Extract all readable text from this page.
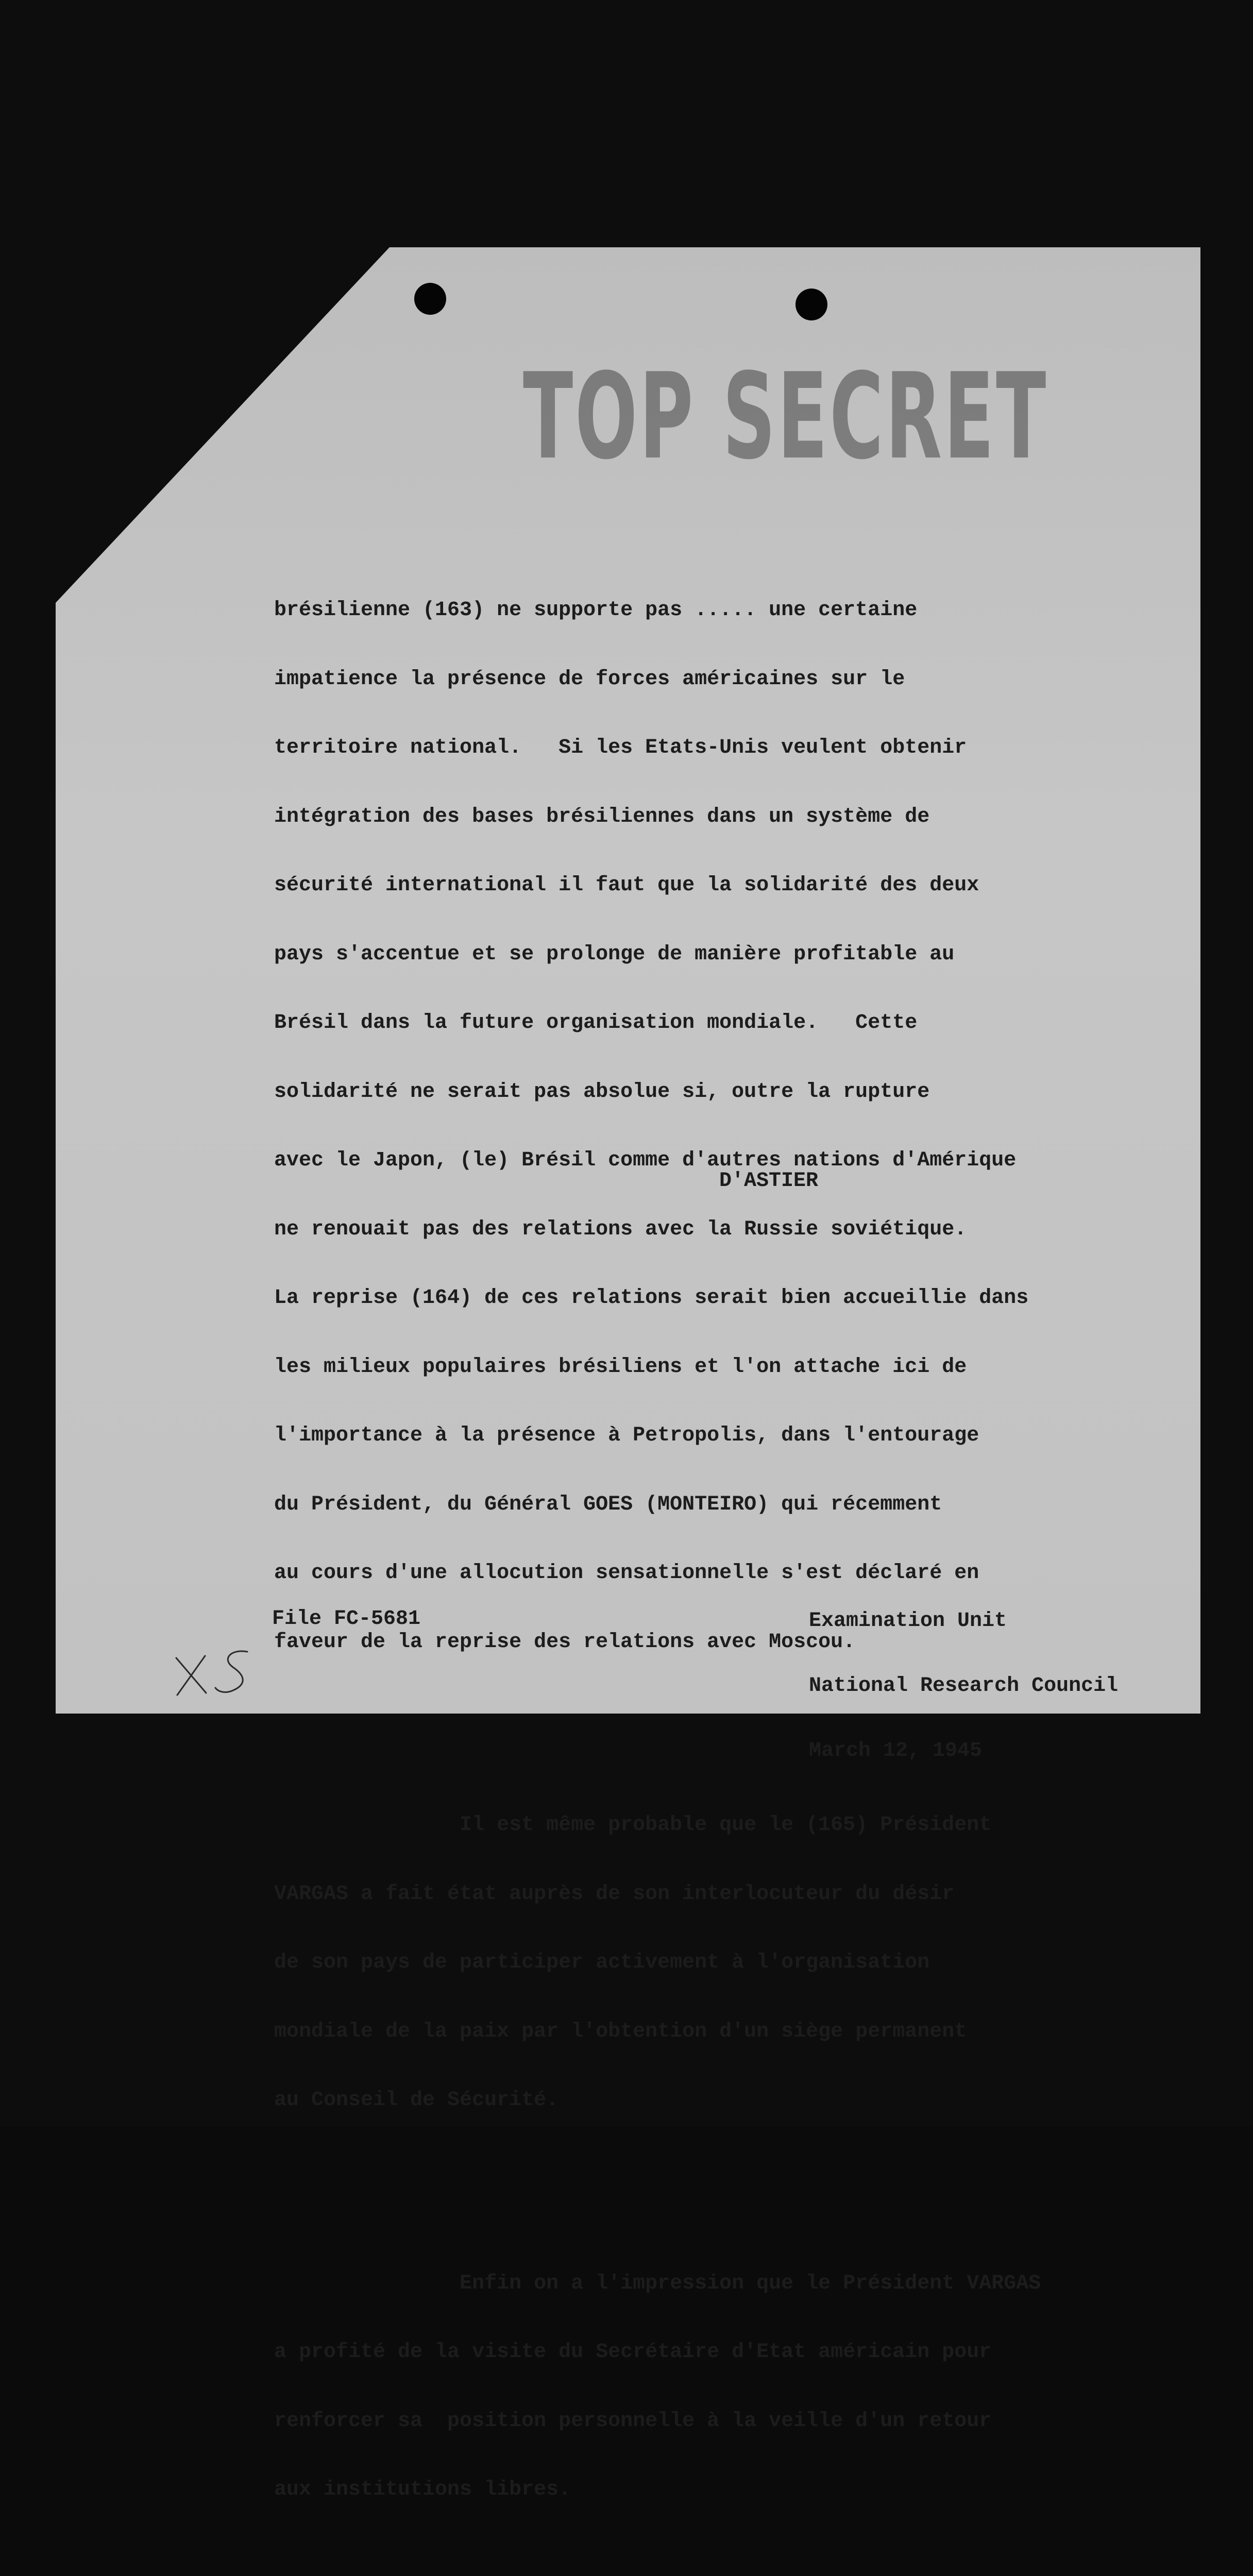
TOP SECRET

brésilienne (163) ne supporte pas ..... une certaine

impatience la présence de forces américaines sur le

territoire national.   Si les Etats-Unis veulent obtenir

intégration des bases brésiliennes dans un système de

sécurité international il faut que la solidarité des deux

pays s'accentue et se prolonge de manière profitable au

Brésil dans la future organisation mondiale.   Cette

solidarité ne serait pas absolue si, outre la rupture

avec le Japon, (le) Brésil comme d'autres nations d'Amérique

ne renouait pas des relations avec la Russie soviétique.

La reprise (164) de ces relations serait bien accueillie dans

les milieux populaires brésiliens et l'on attache ici de

l'importance à la présence à Petropolis, dans l'entourage

du Président, du Général GOES (MONTEIRO) qui récemment

au cours d'une allocution sensationnelle s'est déclaré en

faveur de la reprise des relations avec Moscou.

Il est même probable que le (165) Président

VARGAS a fait état auprès de son interlocuteur du désir

de son pays de participer activement à l'organisation

mondiale de la paix par l'obtention d'un siège permanent

au Conseil de Sécurité.

Enfin on a l'impression que le Président VARGAS

a profité de la visite du Secrétaire d'Etat américain pour

renforcer sa  position personnelle à la veille d'un retour

aux institutions libres.

D'ASTIER
File FC-5681

	Examination Unit

National Research Council

March 12, 1945
